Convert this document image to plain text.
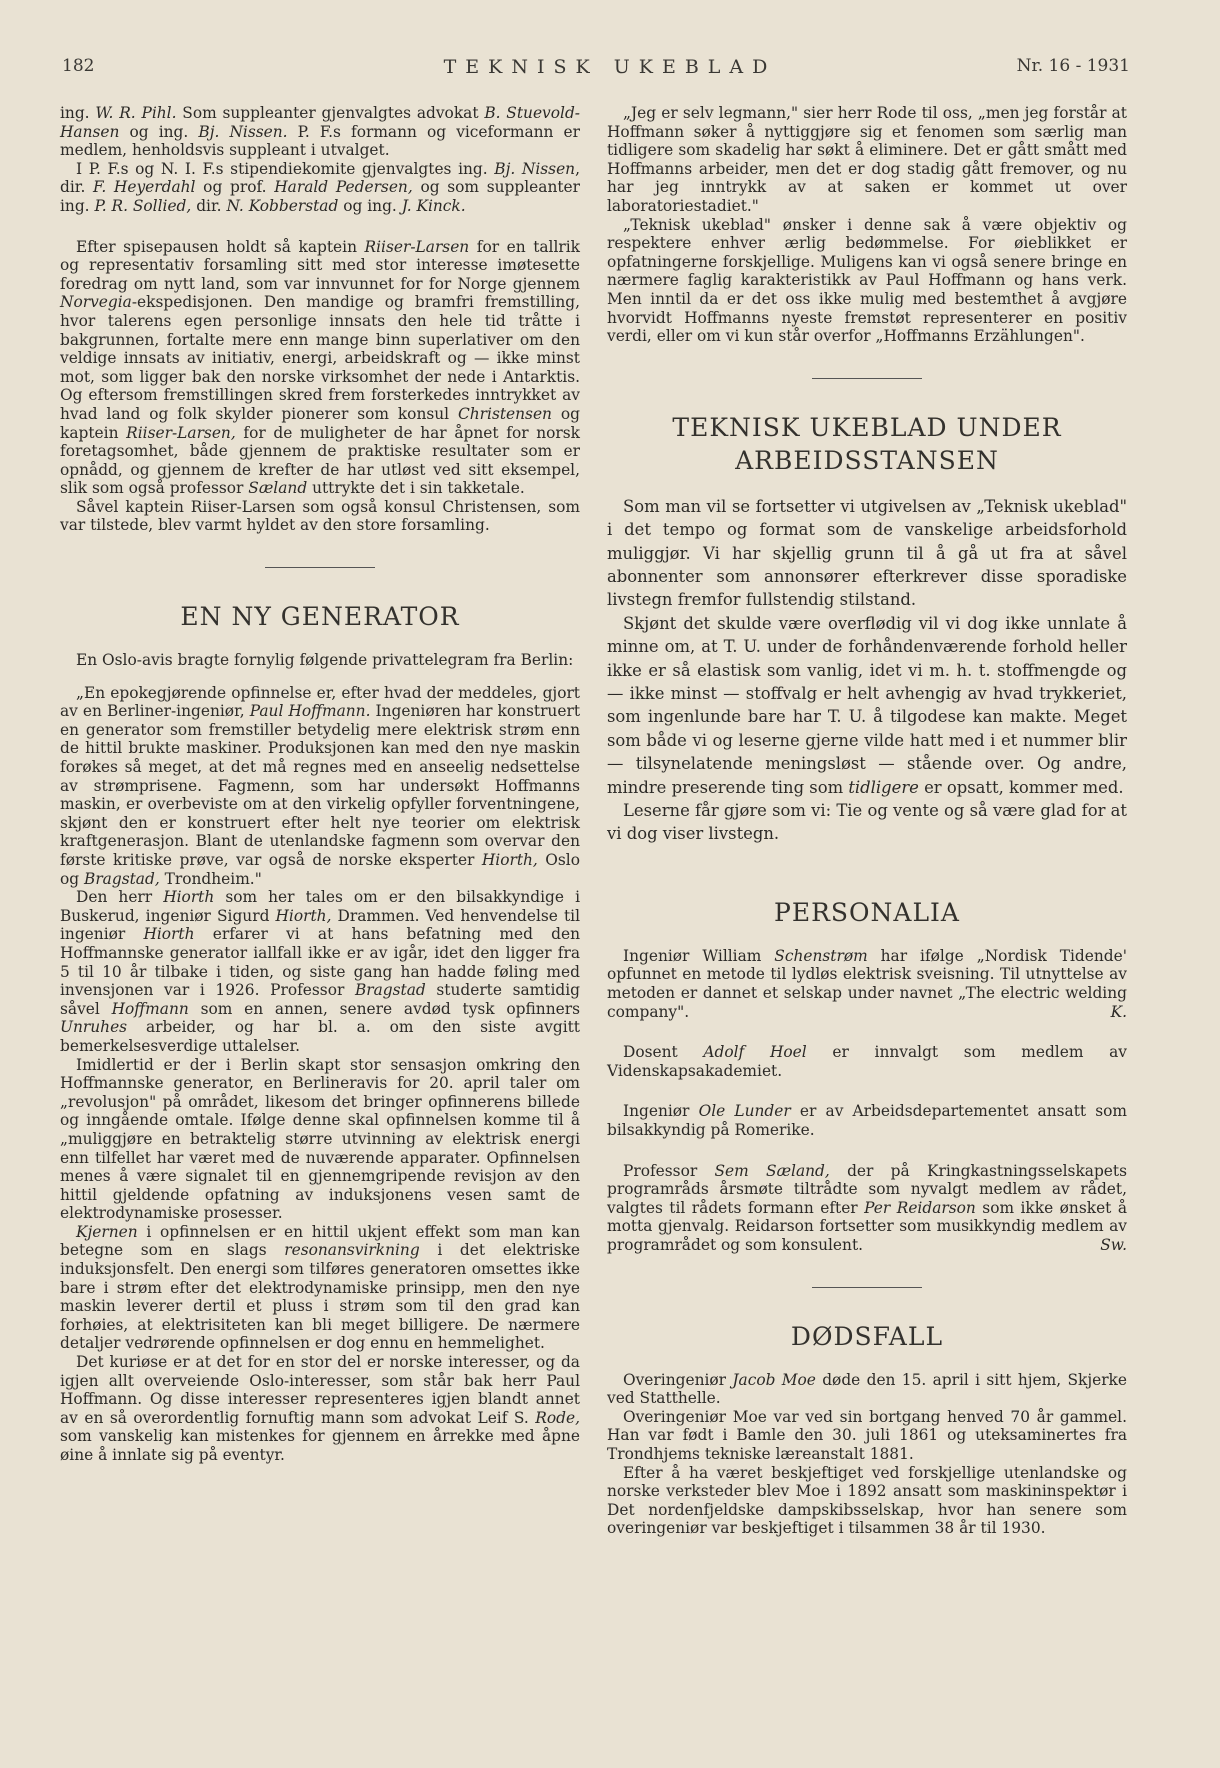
182	TEKNISK UKEBLAD	Nr. 16 - 1931

ing. W. R. Pihl. Som suppleanter gjenvalgtes advokat B. Stuevold-Hansen og ing. Bj. Nissen. P. F.s formann og viceformann er medlem, henholdsvis suppleant i utvalget.

I P. F.s og N. I. F.s stipendiekomite gjenvalgtes ing. Bj. Nissen, dir. F. Heyerdahl og prof. Harald Pedersen, og som suppleanter ing. P. R. Sollied, dir. N. Kobberstad og ing. J. Kinck.

Efter spisepausen holdt så kaptein Riiser-Larsen for en tallrik og representativ forsamling sitt med stor interesse imøtesette foredrag om nytt land, som var innvunnet for for Norge gjennem Norvegia-ekspedisjonen. Den mandige og bramfri fremstilling, hvor talerens egen personlige innsats den hele tid tråtte i bakgrunnen, fortalte mere enn mange binn superlativer om den veldige innsats av initiativ, energi, arbeidskraft og — ikke minst mot, som ligger bak den norske virksomhet der nede i Antarktis. Og eftersom fremstillingen skred frem forsterkedes inntrykket av hvad land og folk skylder pionerer som konsul Christensen og kaptein Riiser-Larsen, for de muligheter de har åpnet for norsk foretagsomhet, både gjennem de praktiske resultater som er opnådd, og gjennem de krefter de har utløst ved sitt eksempel, slik som også professor Sæland uttrykte det i sin takketale.

Såvel kaptein Riiser-Larsen som også konsul Christensen, som var tilstede, blev varmt hyldet av den store forsamling.

EN NY GENERATOR

En Oslo-avis bragte fornylig følgende privattelegram fra Berlin:

„En epokegjørende opfinnelse er, efter hvad der meddeles, gjort av en Berliner-ingeniør, Paul Hoffmann. Ingeniøren har konstruert en generator som fremstiller betydelig mere elektrisk strøm enn de hittil brukte maskiner. Produksjonen kan med den nye maskin forøkes så meget, at det må regnes med en anseelig nedsettelse av strømprisene. Fagmenn, som har undersøkt Hoffmanns maskin, er overbeviste om at den virkelig opfyller forventningene, skjønt den er konstruert efter helt nye teorier om elektrisk kraftgenerasjon. Blant de utenlandske fagmenn som overvar den første kritiske prøve, var også de norske eksperter Hiorth, Oslo og Bragstad, Trondheim."

Den herr Hiorth som her tales om er den bilsakkyndige i Buskerud, ingeniør Sigurd Hiorth, Drammen. Ved henvendelse til ingeniør Hiorth erfarer vi at hans befatning med den Hoffmannske generator iallfall ikke er av igår, idet den ligger fra 5 til 10 år tilbake i tiden, og siste gang han hadde føling med invensjonen var i 1926. Professor Bragstad studerte samtidig såvel Hoffmann som en annen, senere avdød tysk opfinners Unruhes arbeider, og har bl. a. om den siste avgitt bemerkelsesverdige uttalelser.

Imidlertid er der i Berlin skapt stor sensasjon omkring den Hoffmannske generator, en Berlineravis for 20. april taler om „revolusjon" på området, likesom det bringer opfinnerens billede og inngående omtale. Ifølge denne skal opfinnelsen komme til å „muliggjøre en betraktelig større utvinning av elektrisk energi enn tilfellet har været med de nuværende apparater. Opfinnelsen menes å være signalet til en gjennemgripende revisjon av den hittil gjeldende opfatning av induksjonens vesen samt de elektrodynamiske prosesser.

Kjernen i opfinnelsen er en hittil ukjent effekt som man kan betegne som en slags resonansvirkning i det elektriske induksjonsfelt. Den energi som tilføres generatoren omsettes ikke bare i strøm efter det elektrodynamiske prinsipp, men den nye maskin leverer dertil et pluss i strøm som til den grad kan forhøies, at elektrisiteten kan bli meget billigere. De nærmere detaljer vedrørende opfinnelsen er dog ennu en hemmelighet.

Det kuriøse er at det for en stor del er norske interesser, og da igjen allt overveiende Oslo-interesser, som står bak herr Paul Hoffmann. Og disse interesser representeres igjen blandt annet av en så overordentlig fornuftig mann som advokat Leif S. Rode, som vanskelig kan mistenkes for gjennem en årrekke med åpne øine å innlate sig på eventyr.

„Jeg er selv legmann," sier herr Rode til oss, „men jeg forstår at Hoffmann søker å nyttiggjøre sig et fenomen som særlig man tidligere som skadelig har søkt å eliminere. Det er gått smått med Hoffmanns arbeider, men det er dog stadig gått fremover, og nu har jeg inntrykk av at saken er kommet ut over laboratoriestadiet."

„Teknisk ukeblad" ønsker i denne sak å være objektiv og respektere enhver ærlig bedømmelse. For øieblikket er opfatningerne forskjellige. Muligens kan vi også senere bringe en nærmere faglig karakteristikk av Paul Hoffmann og hans verk. Men inntil da er det oss ikke mulig med bestemthet å avgjøre hvorvidt Hoffmanns nyeste fremstøt representerer en positiv verdi, eller om vi kun står overfor „Hoffmanns Erzählungen".

TEKNISK UKEBLAD UNDER ARBEIDSSTANSEN

Som man vil se fortsetter vi utgivelsen av „Teknisk ukeblad" i det tempo og format som de vanskelige arbeidsforhold muliggjør. Vi har skjellig grunn til å gå ut fra at såvel abonnenter som annonsører efterkrever disse sporadiske livstegn fremfor fullstendig stilstand.

Skjønt det skulde være overflødig vil vi dog ikke unnlate å minne om, at T. U. under de forhåndenværende forhold heller ikke er så elastisk som vanlig, idet vi m. h. t. stoffmengde og — ikke minst — stoffvalg er helt avhengig av hvad trykkeriet, som ingenlunde bare har T. U. å tilgodese kan makte. Meget som både vi og leserne gjerne vilde hatt med i et nummer blir — tilsynelatende meningsløst — stående over. Og andre, mindre preserende ting som tidligere er opsatt, kommer med.

Leserne får gjøre som vi: Tie og vente og så være glad for at vi dog viser livstegn.

PERSONALIA

Ingeniør William Schenstrøm har ifølge „Nordisk Tidende' opfunnet en metode til lydløs elektrisk sveisning. Til utnyttelse av metoden er dannet et selskap under navnet „The electric welding company".	K.

Dosent Adolf Hoel er innvalgt som medlem av Videnskapsakademiet.

Ingeniør Ole Lunder er av Arbeidsdepartementet ansatt som bilsakkyndig på Romerike.

Professor Sem Sæland, der på Kringkastningsselskapets programråds årsmøte tiltrådte som nyvalgt medlem av rådet, valgtes til rådets formann efter Per Reidarson som ikke ønsket å motta gjenvalg. Reidarson fortsetter som musikkyndig medlem av programrådet og som konsulent.	Sw.

DØDSFALL

Overingeniør Jacob Moe døde den 15. april i sitt hjem, Skjerke ved Statthelle.

Overingeniør Moe var ved sin bortgang henved 70 år gammel. Han var født i Bamle den 30. juli 1861 og uteksaminertes fra Trondhjems tekniske læreanstalt 1881.

Efter å ha været beskjeftiget ved forskjellige utenlandske og norske verksteder blev Moe i 1892 ansatt som maskininspektør i Det nordenfjeldske dampskibsselskap, hvor han senere som overingeniør var beskjeftiget i tilsammen 38 år til 1930.
